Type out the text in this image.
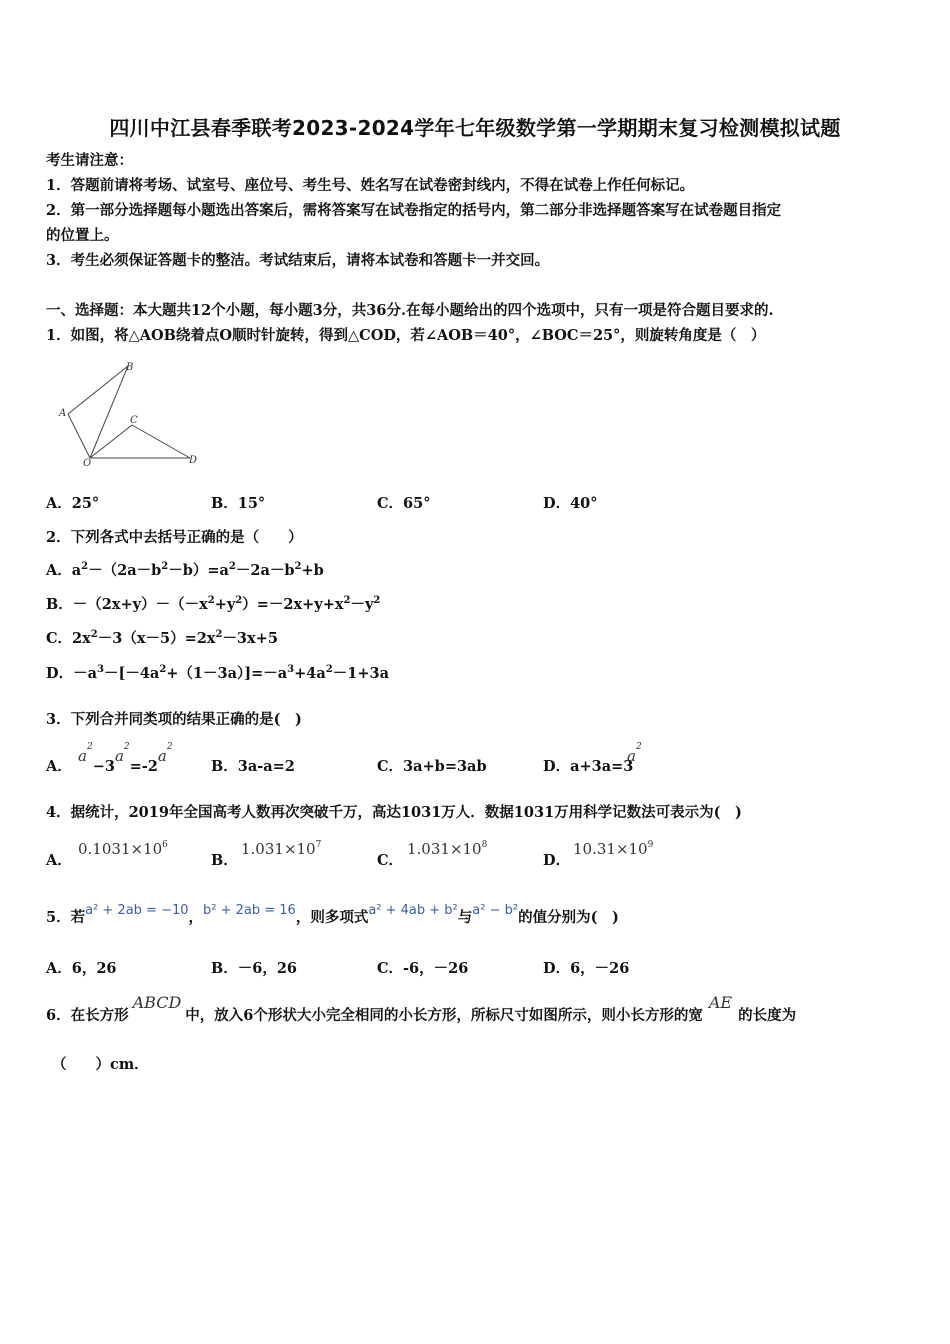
四川中江县春季联考2023-2024学年七年级数学第一学期期末复习检测模拟试题
考生请注意：
1．答题前请将考场、试室号、座位号、考生号、姓名写在试卷密封线内，不得在试卷上作任何标记。
2．第一部分选择题每小题选出答案后，需将答案写在试卷指定的括号内，第二部分非选择题答案写在试卷题目指定
的位置上。
3．考生必须保证答题卡的整洁。考试结束后，请将本试卷和答题卡一并交回。
一、选择题：本大题共12个小题，每小题3分，共36分.在每小题给出的四个选项中，只有一项是符合题目要求的.
1．如图，将△AOB绕着点O顺时针旋转，得到△COD，若∠AOB＝40°，∠BOC＝25°，则旋转角度是（　）
B
A
C
O	D
A．25°	B．15°	C．65°	D．40°
2．下列各式中去括号正确的是（　　）
A．$a^2-(2a-b^2-b)=a^2-2a-b^2+b$
B．$-(2x+y)-(-x^2+y^2)=-2x+y+x^2-y^2$
C．$2x^2-3(x-5)=2x^2-3x+5$
D．$-a^3-[-4a^2+(1-3a)]=-a^3+4a^2-1+3a$
3．下列合并同类项的结果正确的是(　)
A．
$a^2-3a^2=-2a^2$
B．3a-a=2	C．3a+b=3ab	D．a+3a=3
$a^2$
4．据统计，2019年全国高考人数再次突破千万，高达1031万人．数据1031万用科学记数法可表示为(　)
A．
$0.1031\times 10^6$
B．
$1.031\times 10^7$
C．
$1.031\times 10^8$
D．
$10.31\times 10^9$
5．若a² + 2ab = −10，b² + 2ab = 16，则多项式a² + 4ab + b²与a² − b²的值分别为(　)
A．6，26	B．－6，26	C．-6，－26	D．6，－26
6．在长方形ABCD中，放入6个形状大小完全相同的小长方形，所标尺寸如图所示，则小长方形的宽AE的长度为
（　　）cm．
